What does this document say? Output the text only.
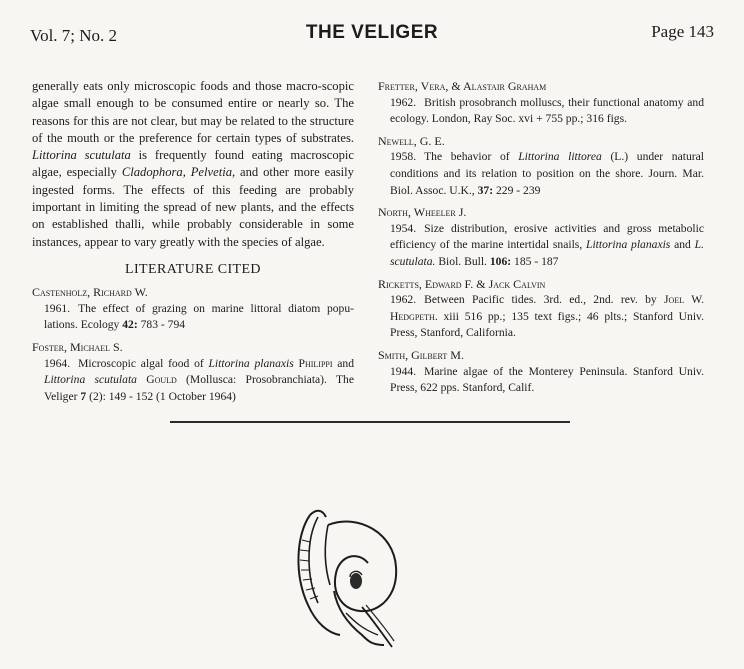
Vol. 7; No. 2	THE VELIGER	Page 143

generally eats only microscopic foods and those macro-scopic algae small enough to be consumed entire or nearly so. The reasons for this are not clear, but may be related to the structure of the mouth or the preference for certain types of substrates. Littorina scutulata is frequently found eating macroscopic algae, especially Cladophora, Pelvetia, and other more easily ingested forms. The effects of this feeding are probably important in limiting the spread of new plants, and the effects on established thalli, while probably considerable in some instances, appear to vary greatly with the species of algae.

LITERATURE CITED
Castenholz, Richard W.
1961. The effect of grazing on marine littoral diatom popu-lations. Ecology 42: 783 - 794
Foster, Michael S.
1964. Microscopic algal food of Littorina planaxis Philippi and Littorina scutulata Gould (Mollusca: Prosobranchiata). The Veliger 7 (2): 149 - 152 (1 October 1964)
Fretter, Vera, & Alastair Graham
1962. British prosobranch molluscs, their functional anatomy and ecology. London, Ray Soc. xvi + 755 pp.; 316 figs.
Newell, G. E.
1958. The behavior of Littorina littorea (L.) under natural conditions and its relation to position on the shore. Journ. Mar. Biol. Assoc. U.K., 37: 229 - 239
North, Wheeler J.
1954. Size distribution, erosive activities and gross metabolic efficiency of the marine intertidal snails, Littorina planaxis and L. scutulata. Biol. Bull. 106: 185 - 187
Ricketts, Edward F. & Jack Calvin
1962. Between Pacific tides. 3rd. ed., 2nd. rev. by Joel W. Hedgpeth. xiii 516 pp.; 135 text figs.; 46 plts.; Stanford Univ. Press, Stanford, California.
Smith, Gilbert M.
1944. Marine algae of the Monterey Peninsula. Stanford Univ. Press, 622 pps. Stanford, Calif.
